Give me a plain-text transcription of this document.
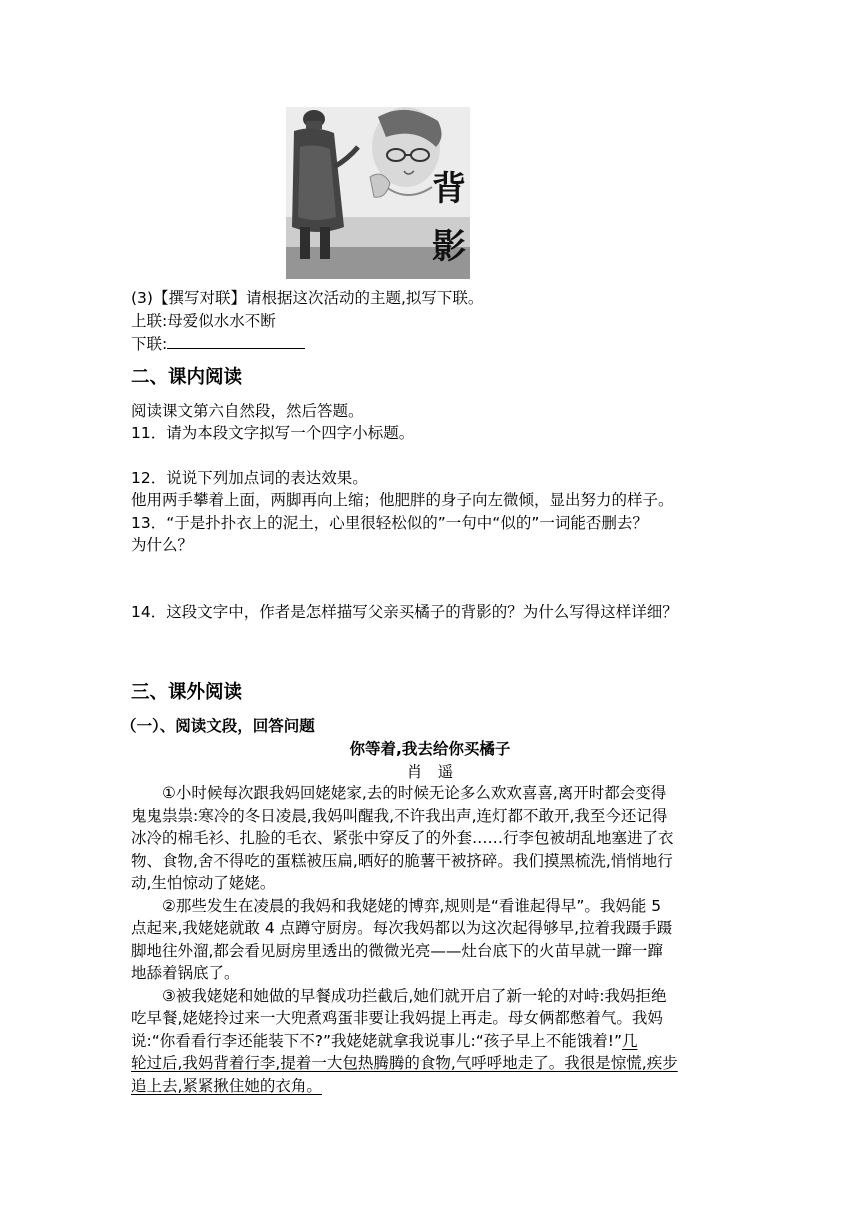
背
影
(3)【撰写对联】请根据这次活动的主题,拟写下联。
上联:母爱似水水不断
下联:
二、课内阅读
阅读课文第六自然段，然后答题。
11．请为本段文字拟写一个四字小标题。
12．说说下列加点词的表达效果。
他用两手攀着上面，两脚再向上缩；他肥胖的身子向左微倾，显出努力的样子。
13．“于是扑扑衣上的泥土，心里很轻松似的”一句中“似的”一词能否删去？
为什么？
14．这段文字中，作者是怎样描写父亲买橘子的背影的？为什么写得这样详细？
三、课外阅读
（一）、阅读文段，回答问题
你等着,我去给你买橘子
肖　遥
①小时候每次跟我妈回姥姥家,去的时候无论多么欢欢喜喜,离开时都会变得
鬼鬼祟祟:寒冷的冬日凌晨,我妈叫醒我,不许我出声,连灯都不敢开,我至今还记得
冰冷的棉毛衫、扎脸的毛衣、紧张中穿反了的外套……行李包被胡乱地塞进了衣
物、食物,舍不得吃的蛋糕被压扁,晒好的脆薯干被挤碎。我们摸黑梳洗,悄悄地行
动,生怕惊动了姥姥。
②那些发生在凌晨的我妈和我姥姥的博弈,规则是“看谁起得早”。我妈能 5
点起来,我姥姥就敢 4 点蹲守厨房。每次我妈都以为这次起得够早,拉着我蹑手蹑
脚地往外溜,都会看见厨房里透出的微微光亮——灶台底下的火苗早就一蹿一蹿
地舔着锅底了。
③被我姥姥和她做的早餐成功拦截后,她们就开启了新一轮的对峙:我妈拒绝
吃早餐,姥姥拎过来一大兜煮鸡蛋非要让我妈提上再走。母女俩都憋着气。我妈
说:“你看看行李还能装下不?”我姥姥就拿我说事儿:“孩子早上不能饿着!”几
轮过后,我妈背着行李,提着一大包热腾腾的食物,气呼呼地走了。我很是惊慌,疾步
追上去,紧紧揪住她的衣角。
